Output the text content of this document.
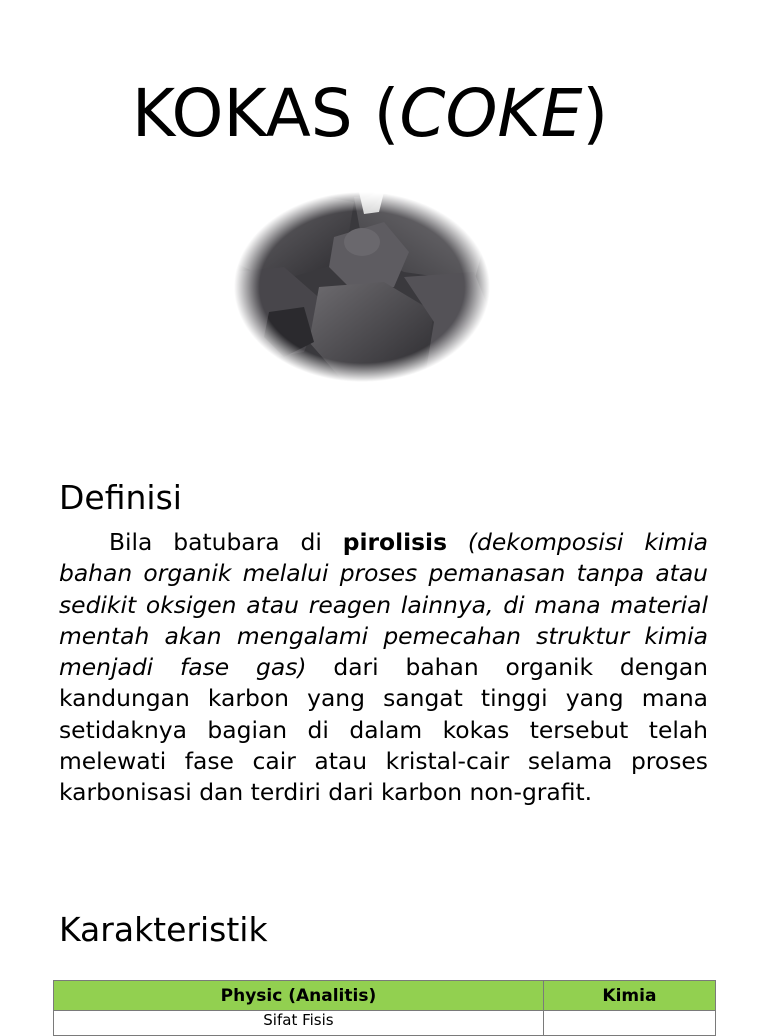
KOKAS (COKE)
Definisi

Bila batubara di pirolisis (dekomposisi kimia bahan organik melalui proses pemanasan tanpa atau sedikit oksigen atau reagen lainnya, di mana material mentah akan mengalami pemecahan struktur kimia menjadi fase gas) dari bahan organik dengan kandungan karbon yang sangat tinggi yang mana setidaknya bagian di dalam kokas tersebut telah melewati fase cair atau kristal-cair selama proses karbonisasi dan terdiri dari karbon non-grafit.

Karakteristik
Physic (Analitis)	Kimia
Sifat Fisis	
